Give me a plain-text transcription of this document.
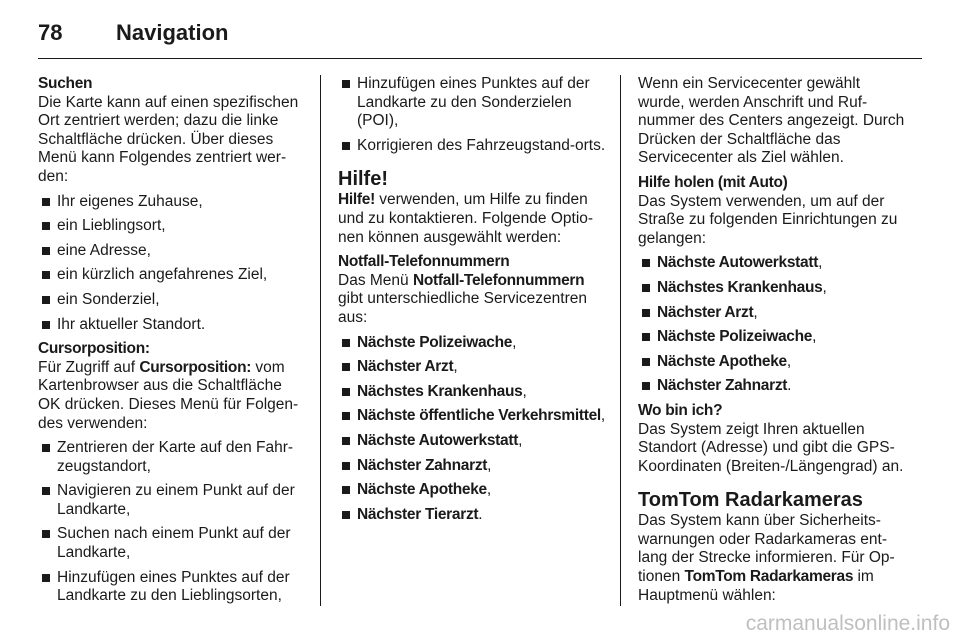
78 Navigation
Suchen
Die Karte kann auf einen spezifischen Ort zentriert werden; dazu die linke Schaltfläche drücken. Über dieses Menü kann Folgendes zentriert wer-den:
Ihr eigenes Zuhause,
ein Lieblingsort,
eine Adresse,
ein kürzlich angefahrenes Ziel,
ein Sonderziel,
Ihr aktueller Standort.
Cursorposition:
Für Zugriff auf Cursorposition: vom Kartenbrowser aus die Schaltfläche OK drücken. Dieses Menü für Folgen-des verwenden:
Zentrieren der Karte auf den Fahr-zeugstandort,
Navigieren zu einem Punkt auf der Landkarte,
Suchen nach einem Punkt auf der Landkarte,
Hinzufügen eines Punktes auf der Landkarte zu den Lieblingsorten,
Hinzufügen eines Punktes auf der Landkarte zu den Sonderzielen (POI),
Korrigieren des Fahrzeugstand-orts.
Hilfe!
Hilfe! verwenden, um Hilfe zu finden und zu kontaktieren. Folgende Optio-nen können ausgewählt werden:
Notfall-Telefonnummern
Das Menü Notfall-Telefonnummern gibt unterschiedliche Servicezentren aus:
Nächste Polizeiwache,
Nächster Arzt,
Nächstes Krankenhaus,
Nächste öffentliche Verkehrsmittel,
Nächste Autowerkstatt,
Nächster Zahnarzt,
Nächste Apotheke,
Nächster Tierarzt.
Wenn ein Servicecenter gewählt wurde, werden Anschrift und Ruf-nummer des Centers angezeigt. Durch Drücken der Schaltfläche das Servicecenter als Ziel wählen.
Hilfe holen (mit Auto)
Das System verwenden, um auf der Straße zu folgenden Einrichtungen zu gelangen:
Nächste Autowerkstatt,
Nächstes Krankenhaus,
Nächster Arzt,
Nächste Polizeiwache,
Nächste Apotheke,
Nächster Zahnarzt.
Wo bin ich?
Das System zeigt Ihren aktuellen Standort (Adresse) und gibt die GPS-Koordinaten (Breiten-/Längengrad) an.
TomTom Radarkameras
Das System kann über Sicherheits-warnungen oder Radarkameras ent-lang der Strecke informieren. Für Op-tionen TomTom Radarkameras im Hauptmenü wählen:
carmanualsonline.info
